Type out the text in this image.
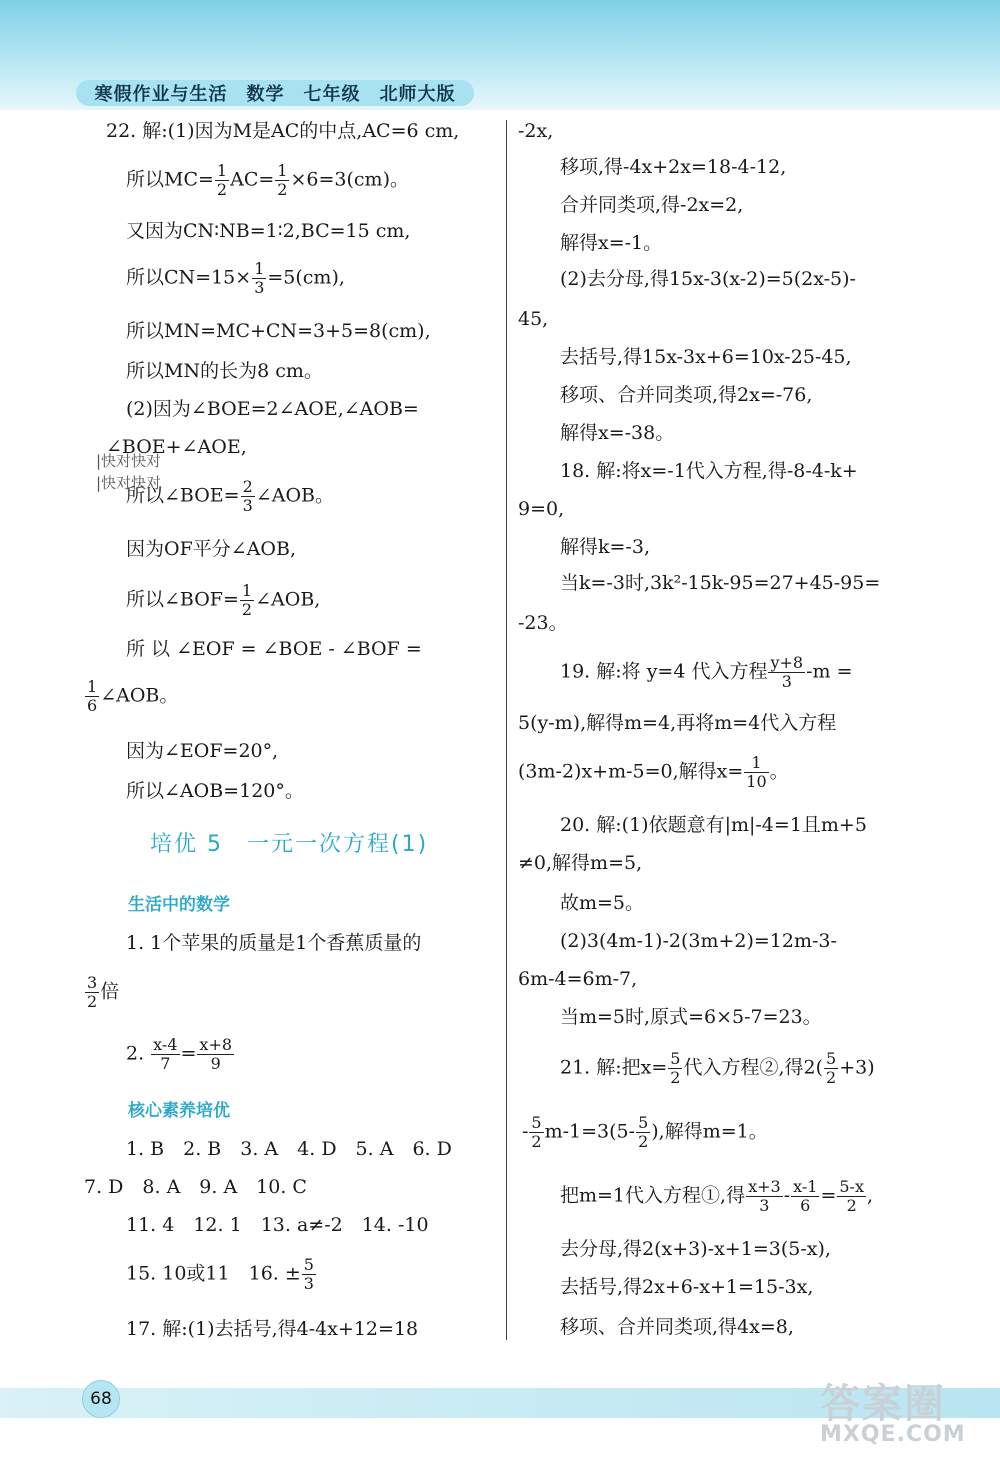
寒假作业与生活　数学　七年级　北师大版
22. 解:(1)因为M是AC的中点,AC=6 cm,
所以$MC= \frac{1}{2} AC= \frac{1}{2} \times 6=3(cm)$。
又因为CN∶NB=1∶2,BC=15 cm,
所以$CN=15\times \frac{1}{3} =5(cm)$,
所以MN=MC+CN=3+5=8(cm),
所以MN的长为8 cm。
(2)因为∠BOE=2∠AOE,∠AOB=
∠BOE+∠AOE,
所以∠BOE= $\frac{2}{3}$ ∠AOB。
因为OF平分∠AOB,
所以∠BOF= $\frac{1}{2}$ ∠AOB,
所 以 ∠EOF = ∠BOE - ∠BOF =
$\frac{1}{6}$ ∠AOB。
因为∠EOF=20°,
所以∠AOB=120°。
培优 5　一元一次方程(1)
生活中的数学
1. 1个苹果的质量是1个香蕉质量的
$\frac{3}{2}$ 倍
2. $\frac{x-4}{7} = \frac{x+8}{9}$
核心素养培优
1. B　2. B　3. A　4. D　5. A　6. D
7. D　8. A　9. A　10. C
11. 4　12. 1　13. a≠-2　14. -10
15. 10或11　16. ± $\frac{5}{3}$
17. 解:(1)去括号,得4-4x+12=18
|快对快对
|快对快对
-2x,
移项,得-4x+2x=18-4-12,
合并同类项,得-2x=2,
解得x=-1。
(2)去分母,得15x-3(x-2)=5(2x-5)-
45,
去括号,得15x-3x+6=10x-25-45,
移项、合并同类项,得2x=-76,
解得x=-38。
18. 解:将x=-1代入方程,得-8-4-k+
9=0,
解得k=-3,
当k=-3时,3k²-15k-95=27+45-95=
-23。
19. 解:将 y=4 代入方程 $\frac{y+8}{3} -m$ =
5(y-m),解得m=4,再将m=4代入方程
(3m-2)x+m-5=0,解得$x= \frac{1}{10}$ 。
20. 解:(1)依题意有|m|-4=1且m+5
≠0,解得m=5,
故m=5。
(2)3(4m-1)-2(3m+2)=12m-3-
6m-4=6m-7,
当m=5时,原式=6×5-7=23。
21. 解:把$x= \frac{5}{2}$ 代入方程②,得$2( \frac{5}{2} +3)$
- $\frac{5}{2} m-1=3(5- \frac{5}{2}$ ),解得m=1。
把m=1代入方程①,得 $\frac{x+3}{3} - \frac{x-1}{6} = \frac{5-x}{2}$ ,
去分母,得2(x+3)-x+1=3(5-x),
去括号,得2x+6-x+1=15-3x,
移项、合并同类项,得4x=8,
68	答案圈
MXQE.COM
